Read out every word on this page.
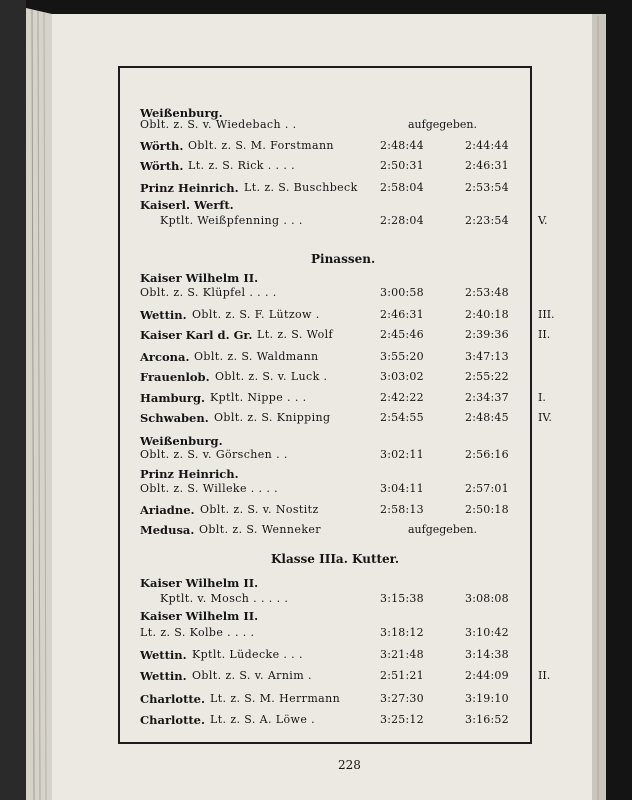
Weißenburg.
Oblt. z. S. v. Wiedebach . .	aufgegeben.
Wörth. Oblt. z. S. M. Forstmann	2:48:44	2:44:44
Wörth. Lt. z. S. Rick . . . .	2:50:31	2:46:31
Prinz Heinrich. Lt. z. S. Buschbeck 2:58:04	2:53:54
Kaiserl. Werft.
Kptlt. Weißpfenning . . .	2:28:04	2:23:54	V.
Pinassen.
Kaiser Wilhelm II.
Oblt. z. S. Klüpfel . . . .	3:00:58	2:53:48
Wettin. Oblt. z. S. F. Lützow .	2:46:31	2:40:18	III.
Kaiser Karl d. Gr. Lt. z. S. Wolf	2:45:46	2:39:36	II.
Arcona. Oblt. z. S. Waldmann	3:55:20	3:47:13
Frauenlob. Oblt. z. S. v. Luck .	3:03:02	2:55:22
Hamburg. Kptlt. Nippe . . .	2:42:22	2:34:37	I.
Schwaben. Oblt. z. S. Knipping	2:54:55	2:48:45	IV.
Weißenburg.
Oblt. z. S. v. Görschen . .	3:02:11	2:56:16
Prinz Heinrich.
Oblt. z. S. Willeke . . . .	3:04:11	2:57:01
Ariadne. Oblt. z. S. v. Nostitz	2:58:13	2:50:18
Medusa. Oblt. z. S. Wenneker	aufgegeben.
Klasse IIIa. Kutter.
Kaiser Wilhelm II.
Kptlt. v. Mosch . . . . .	3:15:38	3:08:08
Kaiser Wilhelm II.
Lt. z. S. Kolbe . . . .	3:18:12	3:10:42
Wettin. Kptlt. Lüdecke . . .	3:21:48	3:14:38
Wettin. Oblt. z. S. v. Arnim .	2:51:21	2:44:09	II.
Charlotte. Lt. z. S. M. Herrmann	3:27:30	3:19:10
Charlotte. Lt. z. S. A. Löwe .	3:25:12	3:16:52
228
